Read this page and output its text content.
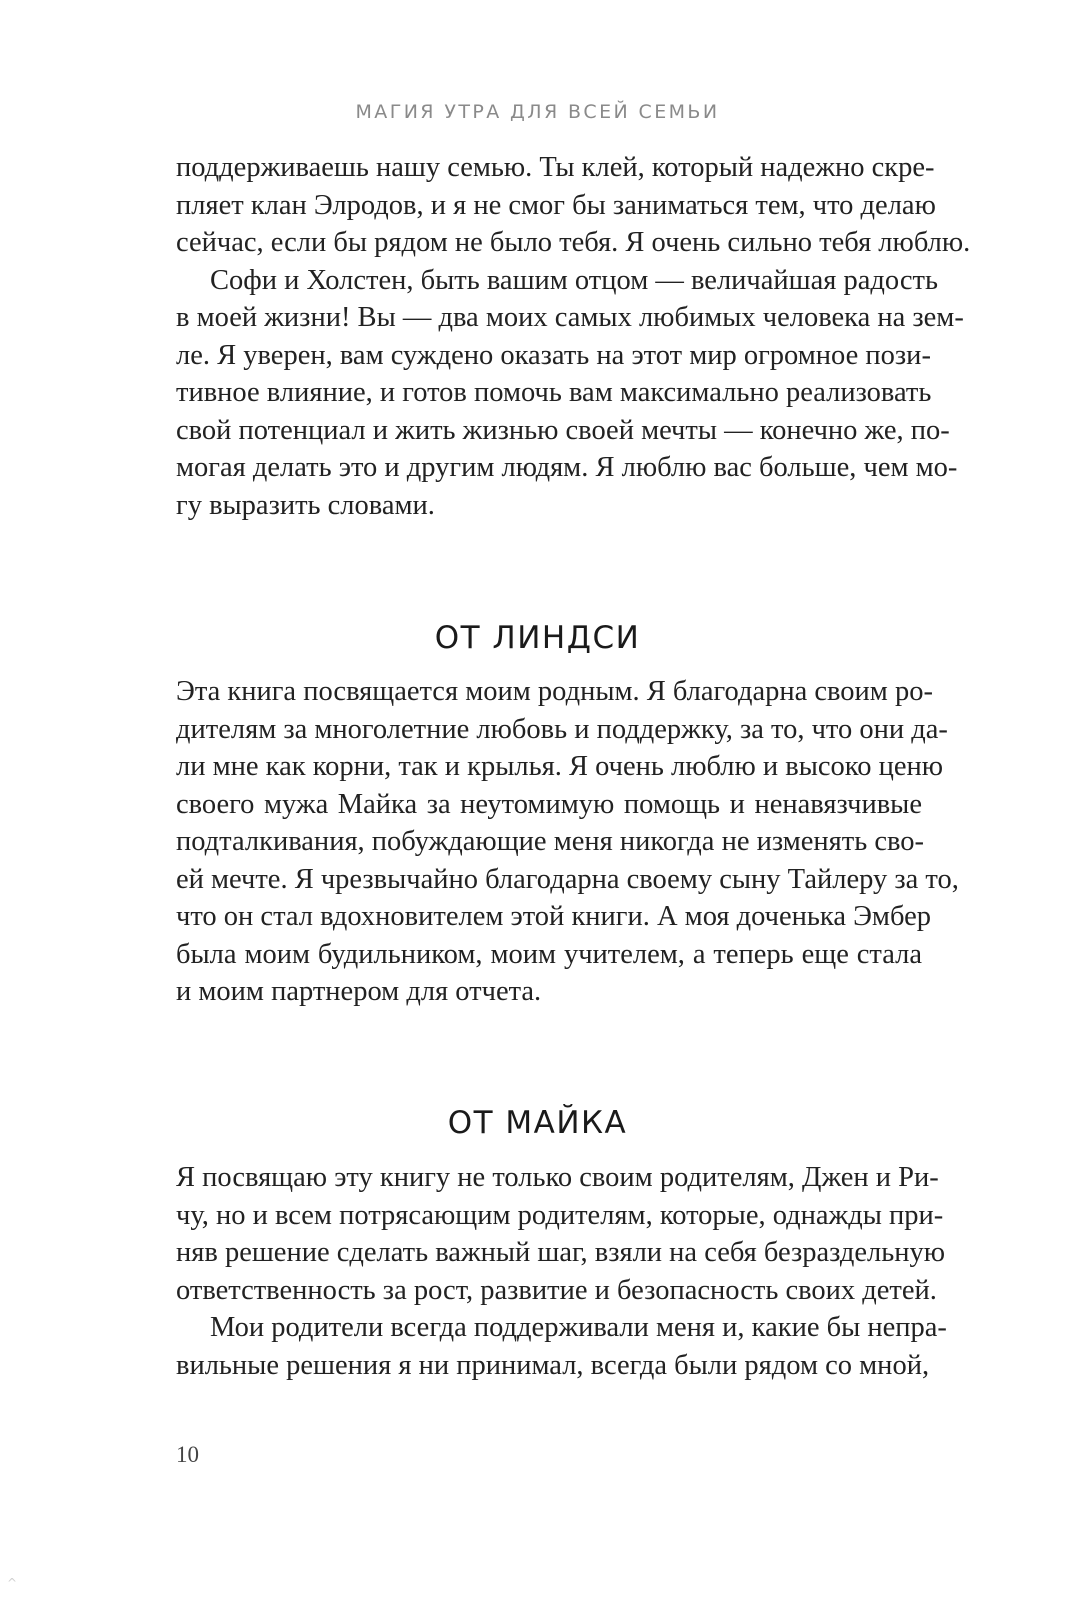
МАГИЯ УТРА ДЛЯ ВСЕЙ СЕМЬИ
поддерживаешь нашу семью. Ты клей, который надежно скре-
пляет клан Элродов, и я не смог бы заниматься тем, что делаю
сейчас, если бы рядом не было тебя. Я очень сильно тебя люблю.
Софи и Холстен, быть вашим отцом — величайшая радость
в моей жизни! Вы — два моих самых любимых человека на зем-
ле. Я уверен, вам суждено оказать на этот мир огромное пози-
тивное влияние, и готов помочь вам максимально реализовать
свой потенциал и жить жизнью своей мечты — конечно же, по-
могая делать это и другим людям. Я люблю вас больше, чем мо-
гу выразить словами.
ОТ ЛИНДСИ
Эта книга посвящается моим родным. Я благодарна своим ро-
дителям за многолетние любовь и поддержку, за то, что они да-
ли мне как корни, так и крылья. Я очень люблю и высоко ценю
своего мужа Майка за неутомимую помощь и ненавязчивые
подталкивания, побуждающие меня никогда не изменять сво-
ей мечте. Я чрезвычайно благодарна своему сыну Тайлеру за то,
что он стал вдохновителем этой книги. А моя доченька Эмбер
была моим будильником, моим учителем, а теперь еще стала
и моим партнером для отчета.
ОТ МАЙКА
Я посвящаю эту книгу не только своим родителям, Джен и Ри-
чу, но и всем потрясающим родителям, которые, однажды при-
няв решение сделать важный шаг, взяли на себя безраздельную
ответственность за рост, развитие и безопасность своих детей.
Мои родители всегда поддерживали меня и, какие бы непра-
вильные решения я ни принимал, всегда были рядом со мной,
10
^
